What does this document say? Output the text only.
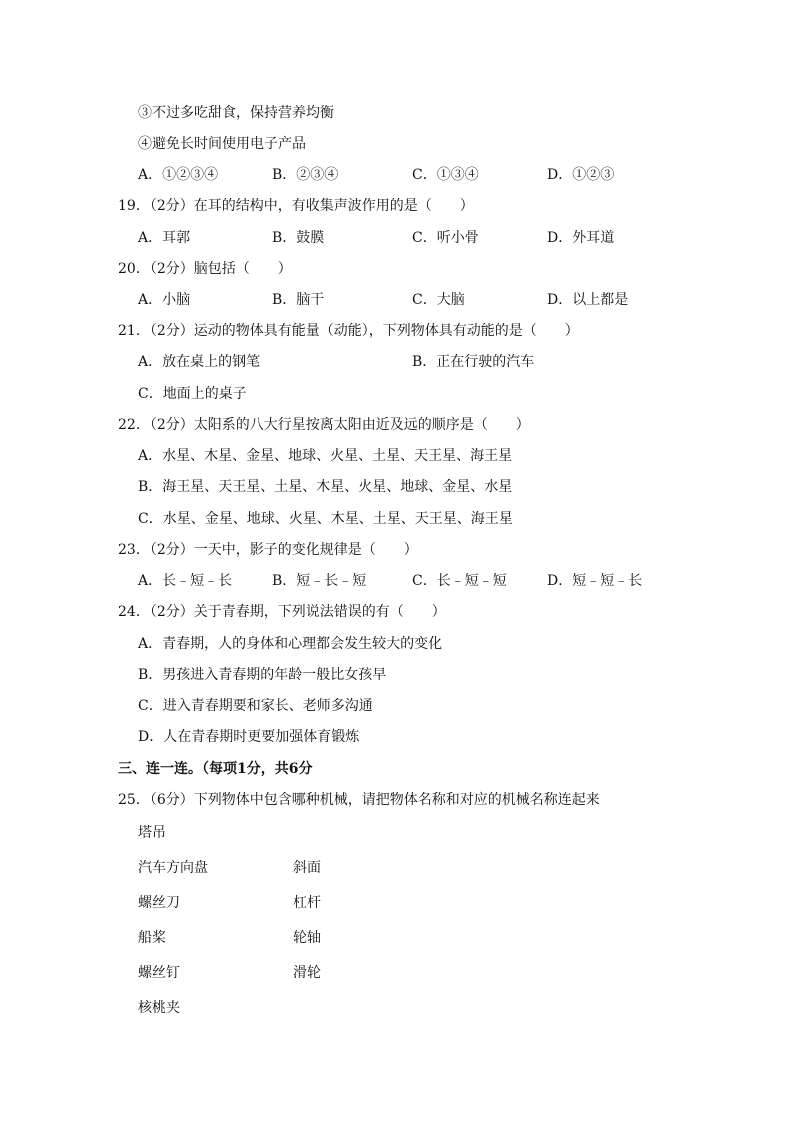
③不过多吃甜食，保持营养均衡
④避免长时间使用电子产品
A．①②③④	B．②③④	C．①③④	D．①②③
19．（2分）在耳的结构中，有收集声波作用的是（　　）
A．耳郭	B．鼓膜	C．听小骨	D．外耳道
20．（2分）脑包括（　　）
A．小脑	B．脑干	C．大脑	D．以上都是
21．（2分）运动的物体具有能量（动能），下列物体具有动能的是（　　）
A．放在桌上的钢笔	B．正在行驶的汽车
C．地面上的桌子
22．（2分）太阳系的八大行星按离太阳由近及远的顺序是（　　）
A．水星、木星、金星、地球、火星、土星、天王星、海王星
B．海王星、天王星、土星、木星、火星、地球、金星、水星
C．水星、金星、地球、火星、木星、土星、天王星、海王星
23．（2分）一天中，影子的变化规律是（　　）
A．长﹣短﹣长	B．短﹣长﹣短	C．长﹣短﹣短	D．短﹣短﹣长
24．（2分）关于青春期，下列说法错误的有（　　）
A．青春期，人的身体和心理都会发生较大的变化
B．男孩进入青春期的年龄一般比女孩早
C．进入青春期要和家长、老师多沟通
D．人在青春期时更要加强体育锻炼
三、连一连。（每项1分，共6分
25．（6分）下列物体中包含哪种机械，请把物体名称和对应的机械名称连起来
塔吊
汽车方向盘	斜面
螺丝刀	杠杆
船桨	轮轴
螺丝钉	滑轮
核桃夹
